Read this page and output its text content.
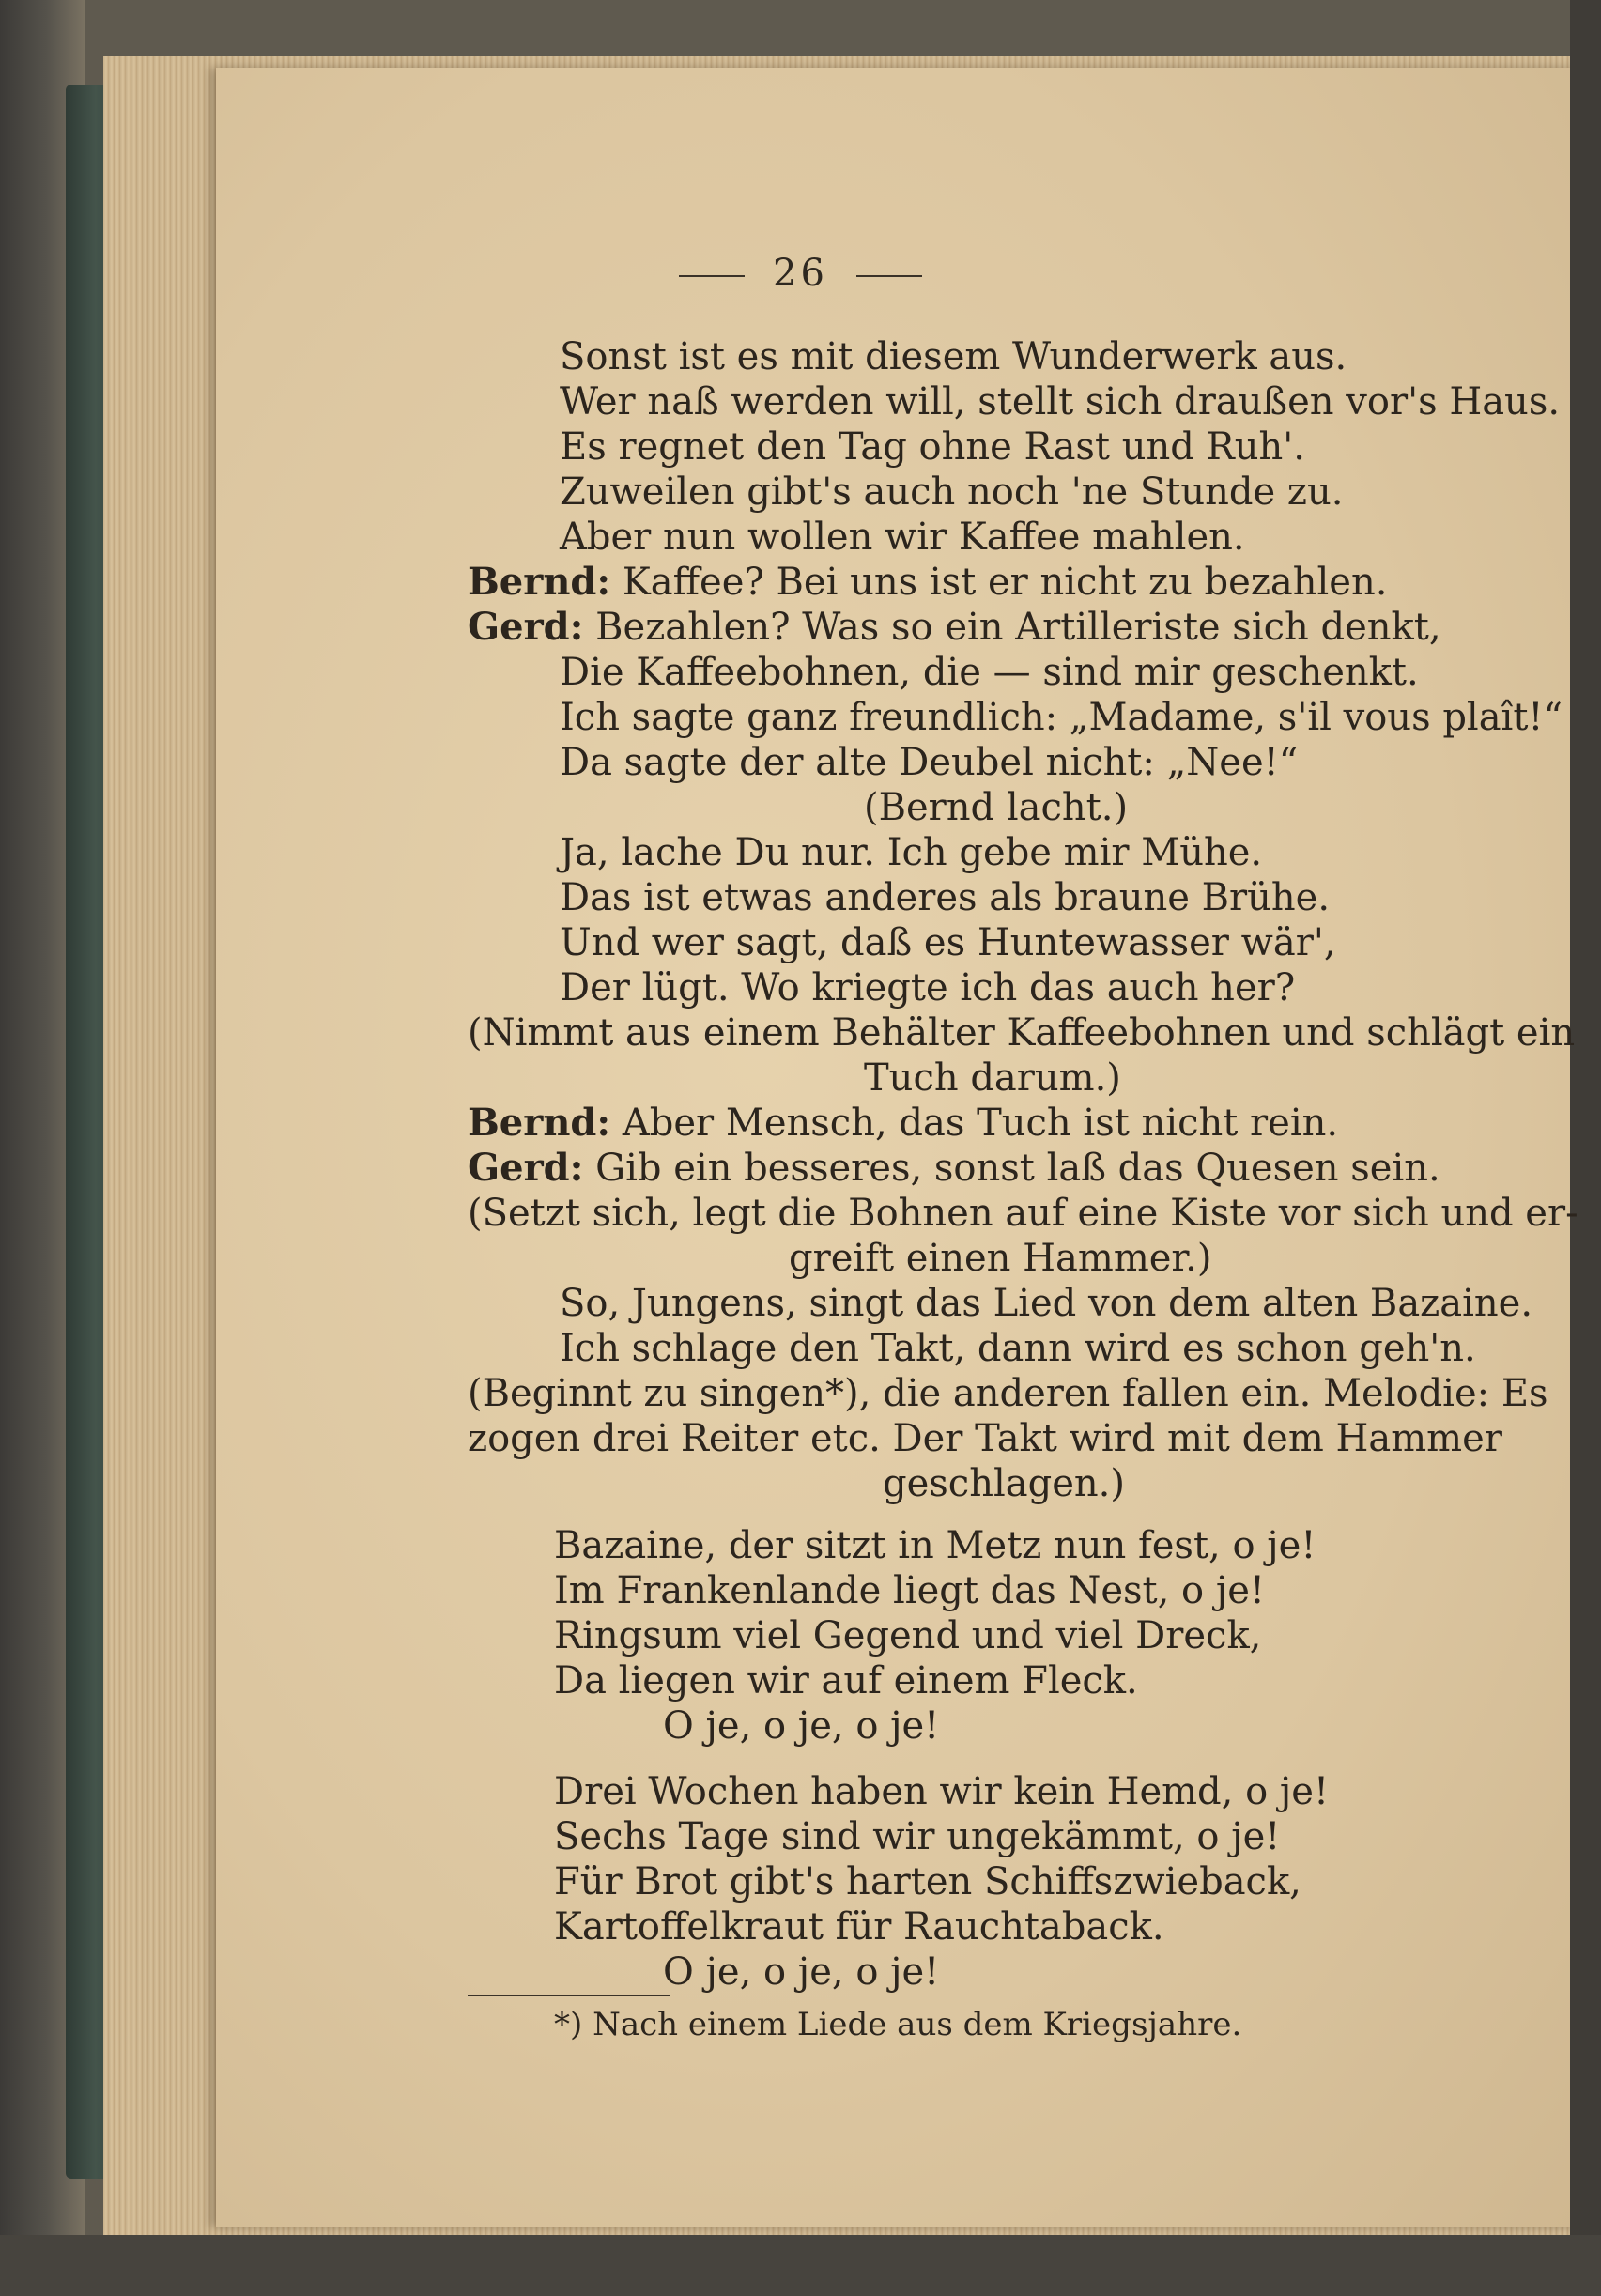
26
Sonst ist es mit diesem Wunderwerk aus.
Wer naß werden will, stellt sich draußen vor's Haus.
Es regnet den Tag ohne Rast und Ruh'.
Zuweilen gibt's auch noch 'ne Stunde zu.
Aber nun wollen wir Kaffee mahlen.
Bernd: Kaffee? Bei uns ist er nicht zu bezahlen.
Gerd: Bezahlen? Was so ein Artilleriste sich denkt,
Die Kaffeebohnen, die — sind mir geschenkt.
Ich sagte ganz freundlich: „Madame, s'il vous plaît!“
Da sagte der alte Deubel nicht: „Nee!“
(Bernd lacht.)
Ja, lache Du nur. Ich gebe mir Mühe.
Das ist etwas anderes als braune Brühe.
Und wer sagt, daß es Huntewasser wär',
Der lügt. Wo kriegte ich das auch her?
(Nimmt aus einem Behälter Kaffeebohnen und schlägt ein
Tuch darum.)
Bernd: Aber Mensch, das Tuch ist nicht rein.
Gerd: Gib ein besseres, sonst laß das Quesen sein.
(Setzt sich, legt die Bohnen auf eine Kiste vor sich und er-
greift einen Hammer.)
So, Jungens, singt das Lied von dem alten Bazaine.
Ich schlage den Takt, dann wird es schon geh'n.
(Beginnt zu singen*), die anderen fallen ein. Melodie: Es
zogen drei Reiter etc. Der Takt wird mit dem Hammer
geschlagen.)
Bazaine, der sitzt in Metz nun fest, o je!
Im Frankenlande liegt das Nest, o je!
Ringsum viel Gegend und viel Dreck,
Da liegen wir auf einem Fleck.
O je, o je, o je!
Drei Wochen haben wir kein Hemd, o je!
Sechs Tage sind wir ungekämmt, o je!
Für Brot gibt's harten Schiffszwieback,
Kartoffelkraut für Rauchtaback.
O je, o je, o je!
*) Nach einem Liede aus dem Kriegsjahre.
